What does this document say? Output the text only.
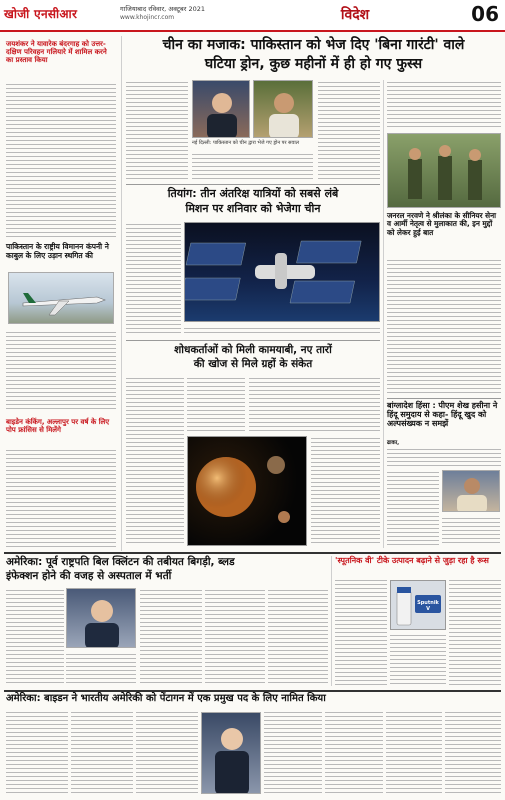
खोजी एनसीआर	गाजियाबाद रविवार, अक्टूबर 2021
www.khojincr.com	विदेश	06
जयशंकर ने यावारेक बंदरगाह को उत्तर-दक्षिण परिवहन गलियारे में शामिल करने का प्रस्ताव किया
पाकिस्तान के राष्ट्रीय विमानन कंपनी ने काबुल के लिए उड़ान स्थगित की
बाइडेन कंकिंग, अल्लापुर पर वर्ष के लिए पोप फ्रांसिस से मिलेंगे
चीन का मजाक: पाकिस्तान को भेज दिए 'बिना गारंटी' वाले
घटिया ड्रोन, कुछ महीनों में ही हो गए फुस्स
नई दिल्ली: पाकिस्तान को चीन द्वारा भेजे गए ड्रोन पर सवाल
जनरल नरवणे ने श्रीलंका के सीनियर सेना व आर्मी नेतृत्व से मुलाकात की, इन मुद्दों को लेकर हुई बात
तियांग: तीन अंतरिक्ष यात्रियों को सबसे लंबे
मिशन पर शनिवार को भेजेगा चीन
शोधकर्ताओं को मिली कामयाबी, नए तारों
की खोज से मिले ग्रहों के संकेत
बांग्लादेश हिंसा : पीएम शेख हसीना ने हिंदू समुदाय से कहा- हिंदू खुद को अल्पसंख्यक न समझें
ढाका,
अमेरिका: पूर्व राष्ट्रपति बिल क्लिंटन की तबीयत बिगड़ी, ब्लड
इंफेक्शन होने की वजह से अस्पताल में भर्ती
'स्पूतनिक वी' टीके उत्पादन बढ़ाने से जुड़ा रहा है रूस
Sputnik V
अमेरिका: बाइडन ने भारतीय अमेरिकी को पेंटागन में एक प्रमुख पद के लिए नामित किया
